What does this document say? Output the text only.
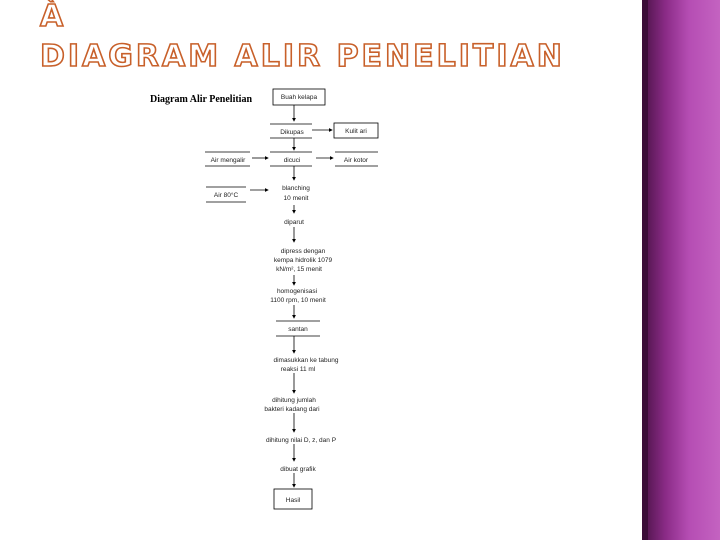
À
DIAGRAM ALIR PENELITIAN
Diagram Alir Penelitian	Buah kelapa
Dikupas	Kulit ari
dicuci
Air mengalir	Air kotor
blanching
10 menit
Air 80°C
diparut
dipress dengan
kempa hidrolik 1079
kN/m², 15 menit
homogenisasi
1100 rpm, 10 menit
santan
dimasukkan ke tabung
reaksi 11 ml
dihitung jumlah
bakteri kadang dari
dihitung nilai D, z, dan P
dibuat grafik
Hasil
